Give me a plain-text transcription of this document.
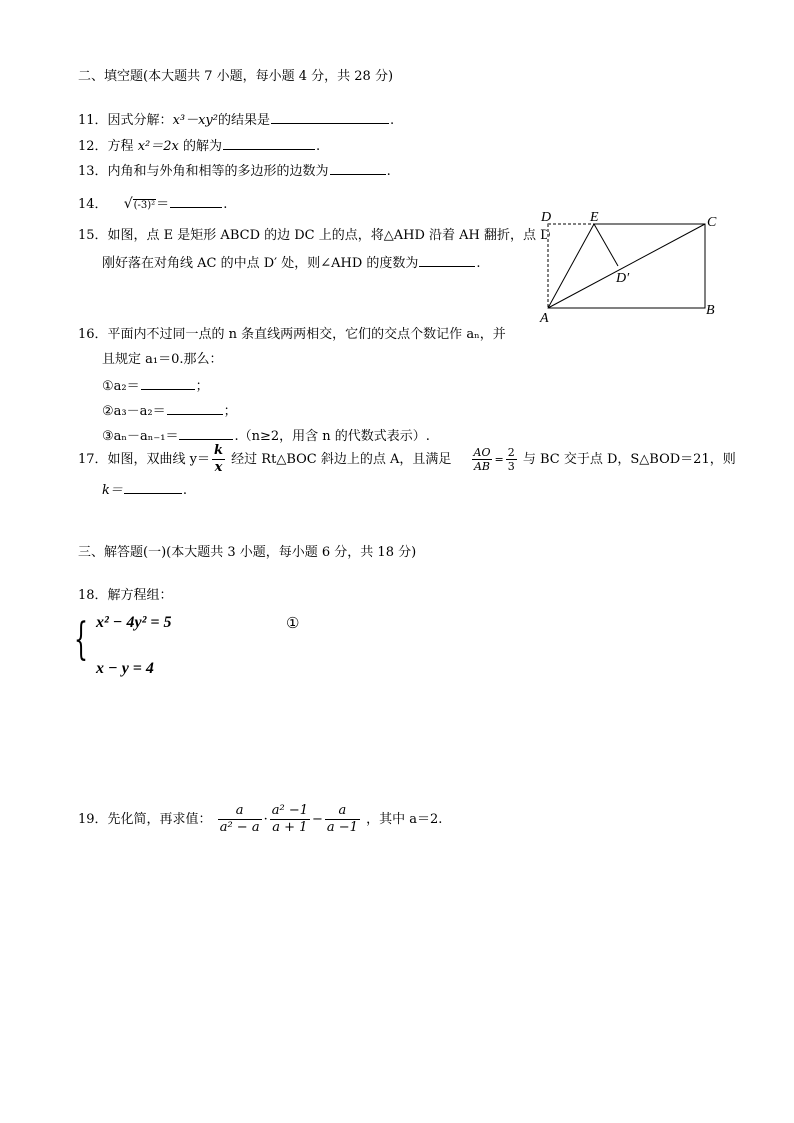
二、填空题(本大题共 7 小题，每小题 4 分，共 28 分)
11．因式分解：x³－xy²的结果是	.
12．方程 x²＝2x 的解为	.
13．内角和与外角和相等的多边形的边数为	.
14． √(-3)²＝	.
15．如图，点 E 是矩形 ABCD 的边 DC 上的点，将△AHD 沿着 AH 翻折，点 D
刚好落在对角线 AC 的中点 D′ 处，则∠AHD 的度数为	.
D	E	C
A
B
D′
16．平面内不过同一点的 n 条直线两两相交，它们的交点个数记作 aₙ，并
且规定 a₁＝0.那么：
①a₂＝	；
②a₃－a₂＝	；
③aₙ－aₙ₋₁＝	.（n≥2，用含 n 的代数式表示）.
17．如图，双曲线 $y= \frac{k}{x}$ 经过 Rt△BOC 斜边上的点 A，且满足 $\frac{AO}{AB} = \frac{2}{3}$ 与 BC 交于点 D，S△BOD＝21，则
k＝	.
三、解答题(一)(本大题共 3 小题，每小题 6 分，共 18 分)
18．解方程组：
{ x² − 4y² = 5
x − y = 4
①
19．先化简，再求值： $\frac{a}{\text{a² − a}} \cdot \frac{\text{a² −1}}{a + 1} - \frac{a}{a -1}$ ，其中 a＝2.
